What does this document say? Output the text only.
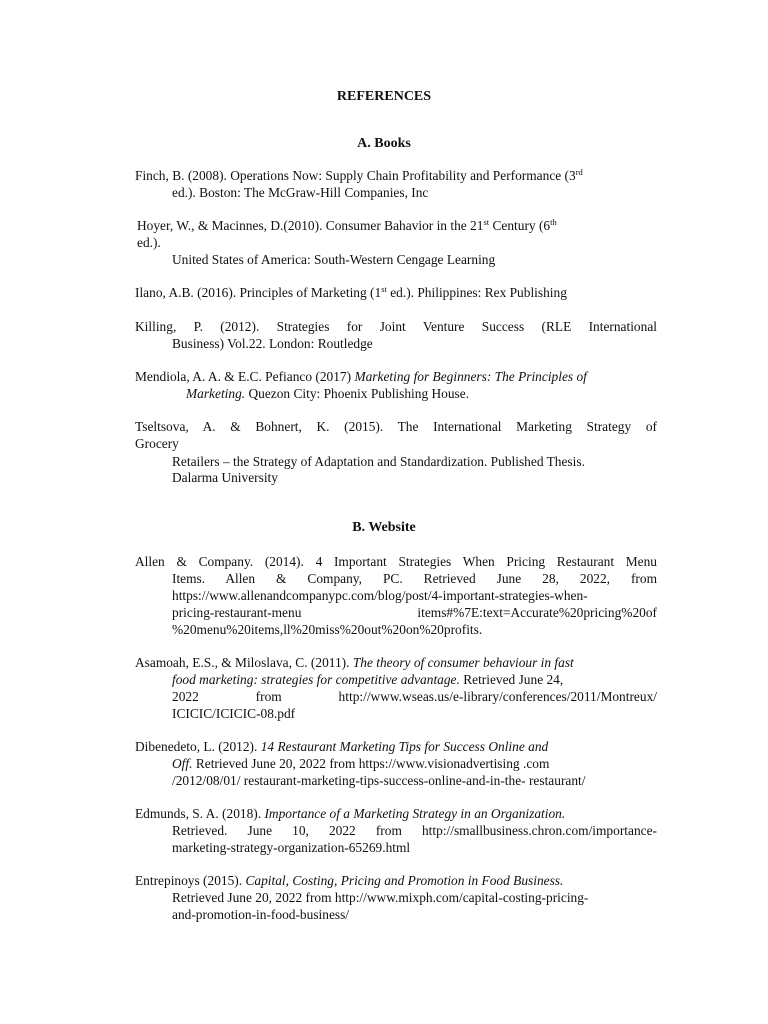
REFERENCES
A. Books
Finch, B. (2008). Operations Now: Supply Chain Profitability and Performance (3rd
ed.). Boston: The McGraw-Hill Companies, Inc
Hoyer, W., & Macinnes, D.(2010). Consumer Bahavior in the 21st Century (6th
ed.).
United States of America: South-Western Cengage Learning
Ilano, A.B. (2016). Principles of Marketing (1st ed.). Philippines: Rex Publishing
Killing, P. (2012). Strategies for Joint Venture Success (RLE International
Business) Vol.22. London: Routledge
Mendiola, A. A. & E.C. Pefianco (2017) Marketing for Beginners: The Principles of
Marketing. Quezon City: Phoenix Publishing House.
Tseltsova, A. & Bohnert, K. (2015). The International Marketing Strategy of
Grocery
Retailers – the Strategy of Adaptation and Standardization. Published Thesis.
Dalarma University
B. Website
Allen & Company. (2014). 4 Important Strategies When Pricing Restaurant Menu
Items. Allen & Company, PC. Retrieved June 28, 2022, from
https://www.allenandcompanypc.com/blog/post/4-important-strategies-when-
pricing-restaurant-menu items#%7E:text=Accurate%20pricing%20of
%20menu%20items,ll%20miss%20out%20on%20profits.
Asamoah, E.S., & Miloslava, C. (2011). The theory of consumer behaviour in fast
food marketing: strategies for competitive advantage. Retrieved June 24,
2022 from http://www.wseas.us/e-library/conferences/2011/Montreux/
ICICIC/ICICIC-08.pdf
Dibenedeto, L. (2012). 14 Restaurant Marketing Tips for Success Online and
Off. Retrieved June 20, 2022 from https://www.visionadvertising .com
/2012/08/01/ restaurant-marketing-tips-success-online-and-in-the- restaurant/
Edmunds, S. A. (2018). Importance of a Marketing Strategy in an Organization.
Retrieved. June 10, 2022 from http://smallbusiness.chron.com/importance-
marketing-strategy-organization-65269.html
Entrepinoys (2015). Capital, Costing, Pricing and Promotion in Food Business.
Retrieved June 20, 2022 from http://www.mixph.com/capital-costing-pricing-
and-promotion-in-food-business/
